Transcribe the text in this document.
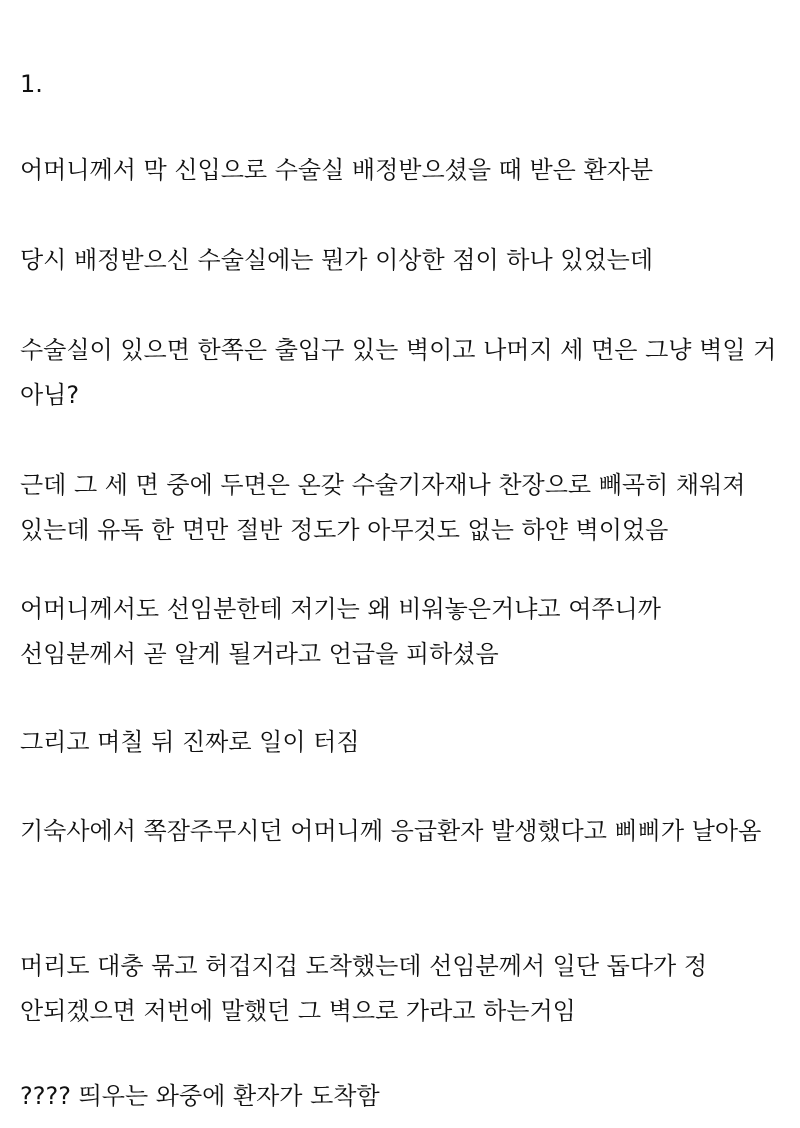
1.

어머니께서 막 신입으로 수술실 배정받으셨을 때 받은 환자분

당시 배정받으신 수술실에는 뭔가 이상한 점이 하나 있었는데

수술실이 있으면 한쪽은 출입구 있는 벽이고 나머지 세 면은 그냥 벽일 거 아님?

근데 그 세 면 중에 두면은 온갖 수술기자재나 찬장으로 빼곡히 채워져 있는데 유독 한 면만 절반 정도가 아무것도 없는 하얀 벽이었음

어머니께서도 선임분한테 저기는 왜 비워놓은거냐고 여쭈니까 선임분께서 곧 알게 될거라고 언급을 피하셨음

그리고 며칠 뒤 진짜로 일이 터짐

기숙사에서 쪽잠주무시던 어머니께 응급환자 발생했다고 삐삐가 날아옴

머리도 대충 묶고 허겁지겁 도착했는데 선임분께서 일단 돕다가 정 안되겠으면 저번에 말했던 그 벽으로 가라고 하는거임

???? 띄우는 와중에 환자가 도착함
